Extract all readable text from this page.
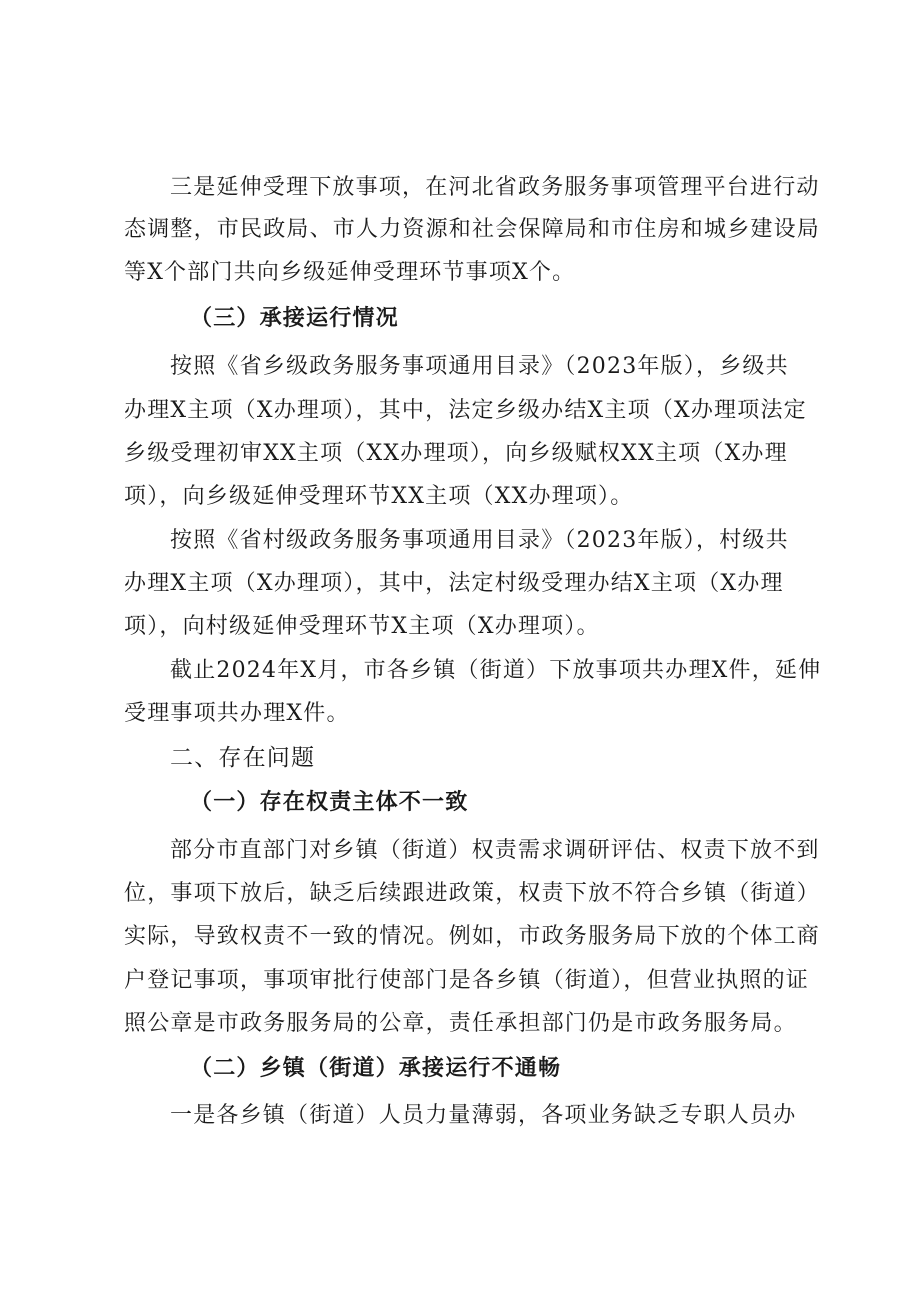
三是延伸受理下放事项，在河北省政务服务事项管理平台进行动
态调整，市民政局、市人力资源和社会保障局和市住房和城乡建设局
等X个部门共向乡级延伸受理环节事项X个。
（三）承接运行情况
按照《省乡级政务服务事项通用目录》（2023年版），乡级共
办理X主项（X办理项），其中，法定乡级办结X主项（X办理项法定
乡级受理初审XX主项（XX办理项），向乡级赋权XX主项（X办理
项），向乡级延伸受理环节XX主项（XX办理项）。
按照《省村级政务服务事项通用目录》（2023年版），村级共
办理X主项（X办理项），其中，法定村级受理办结X主项（X办理
项），向村级延伸受理环节X主项（X办理项）。
截止2024年X月，市各乡镇（街道）下放事项共办理X件，延伸
受理事项共办理X件。
二、存在问题
（一）存在权责主体不一致
部分市直部门对乡镇（街道）权责需求调研评估、权责下放不到
位，事项下放后，缺乏后续跟进政策，权责下放不符合乡镇（街道）
实际，导致权责不一致的情况。例如，市政务服务局下放的个体工商
户登记事项，事项审批行使部门是各乡镇（街道），但营业执照的证
照公章是市政务服务局的公章，责任承担部门仍是市政务服务局。
（二）乡镇（街道）承接运行不通畅
一是各乡镇（街道）人员力量薄弱，各项业务缺乏专职人员办
